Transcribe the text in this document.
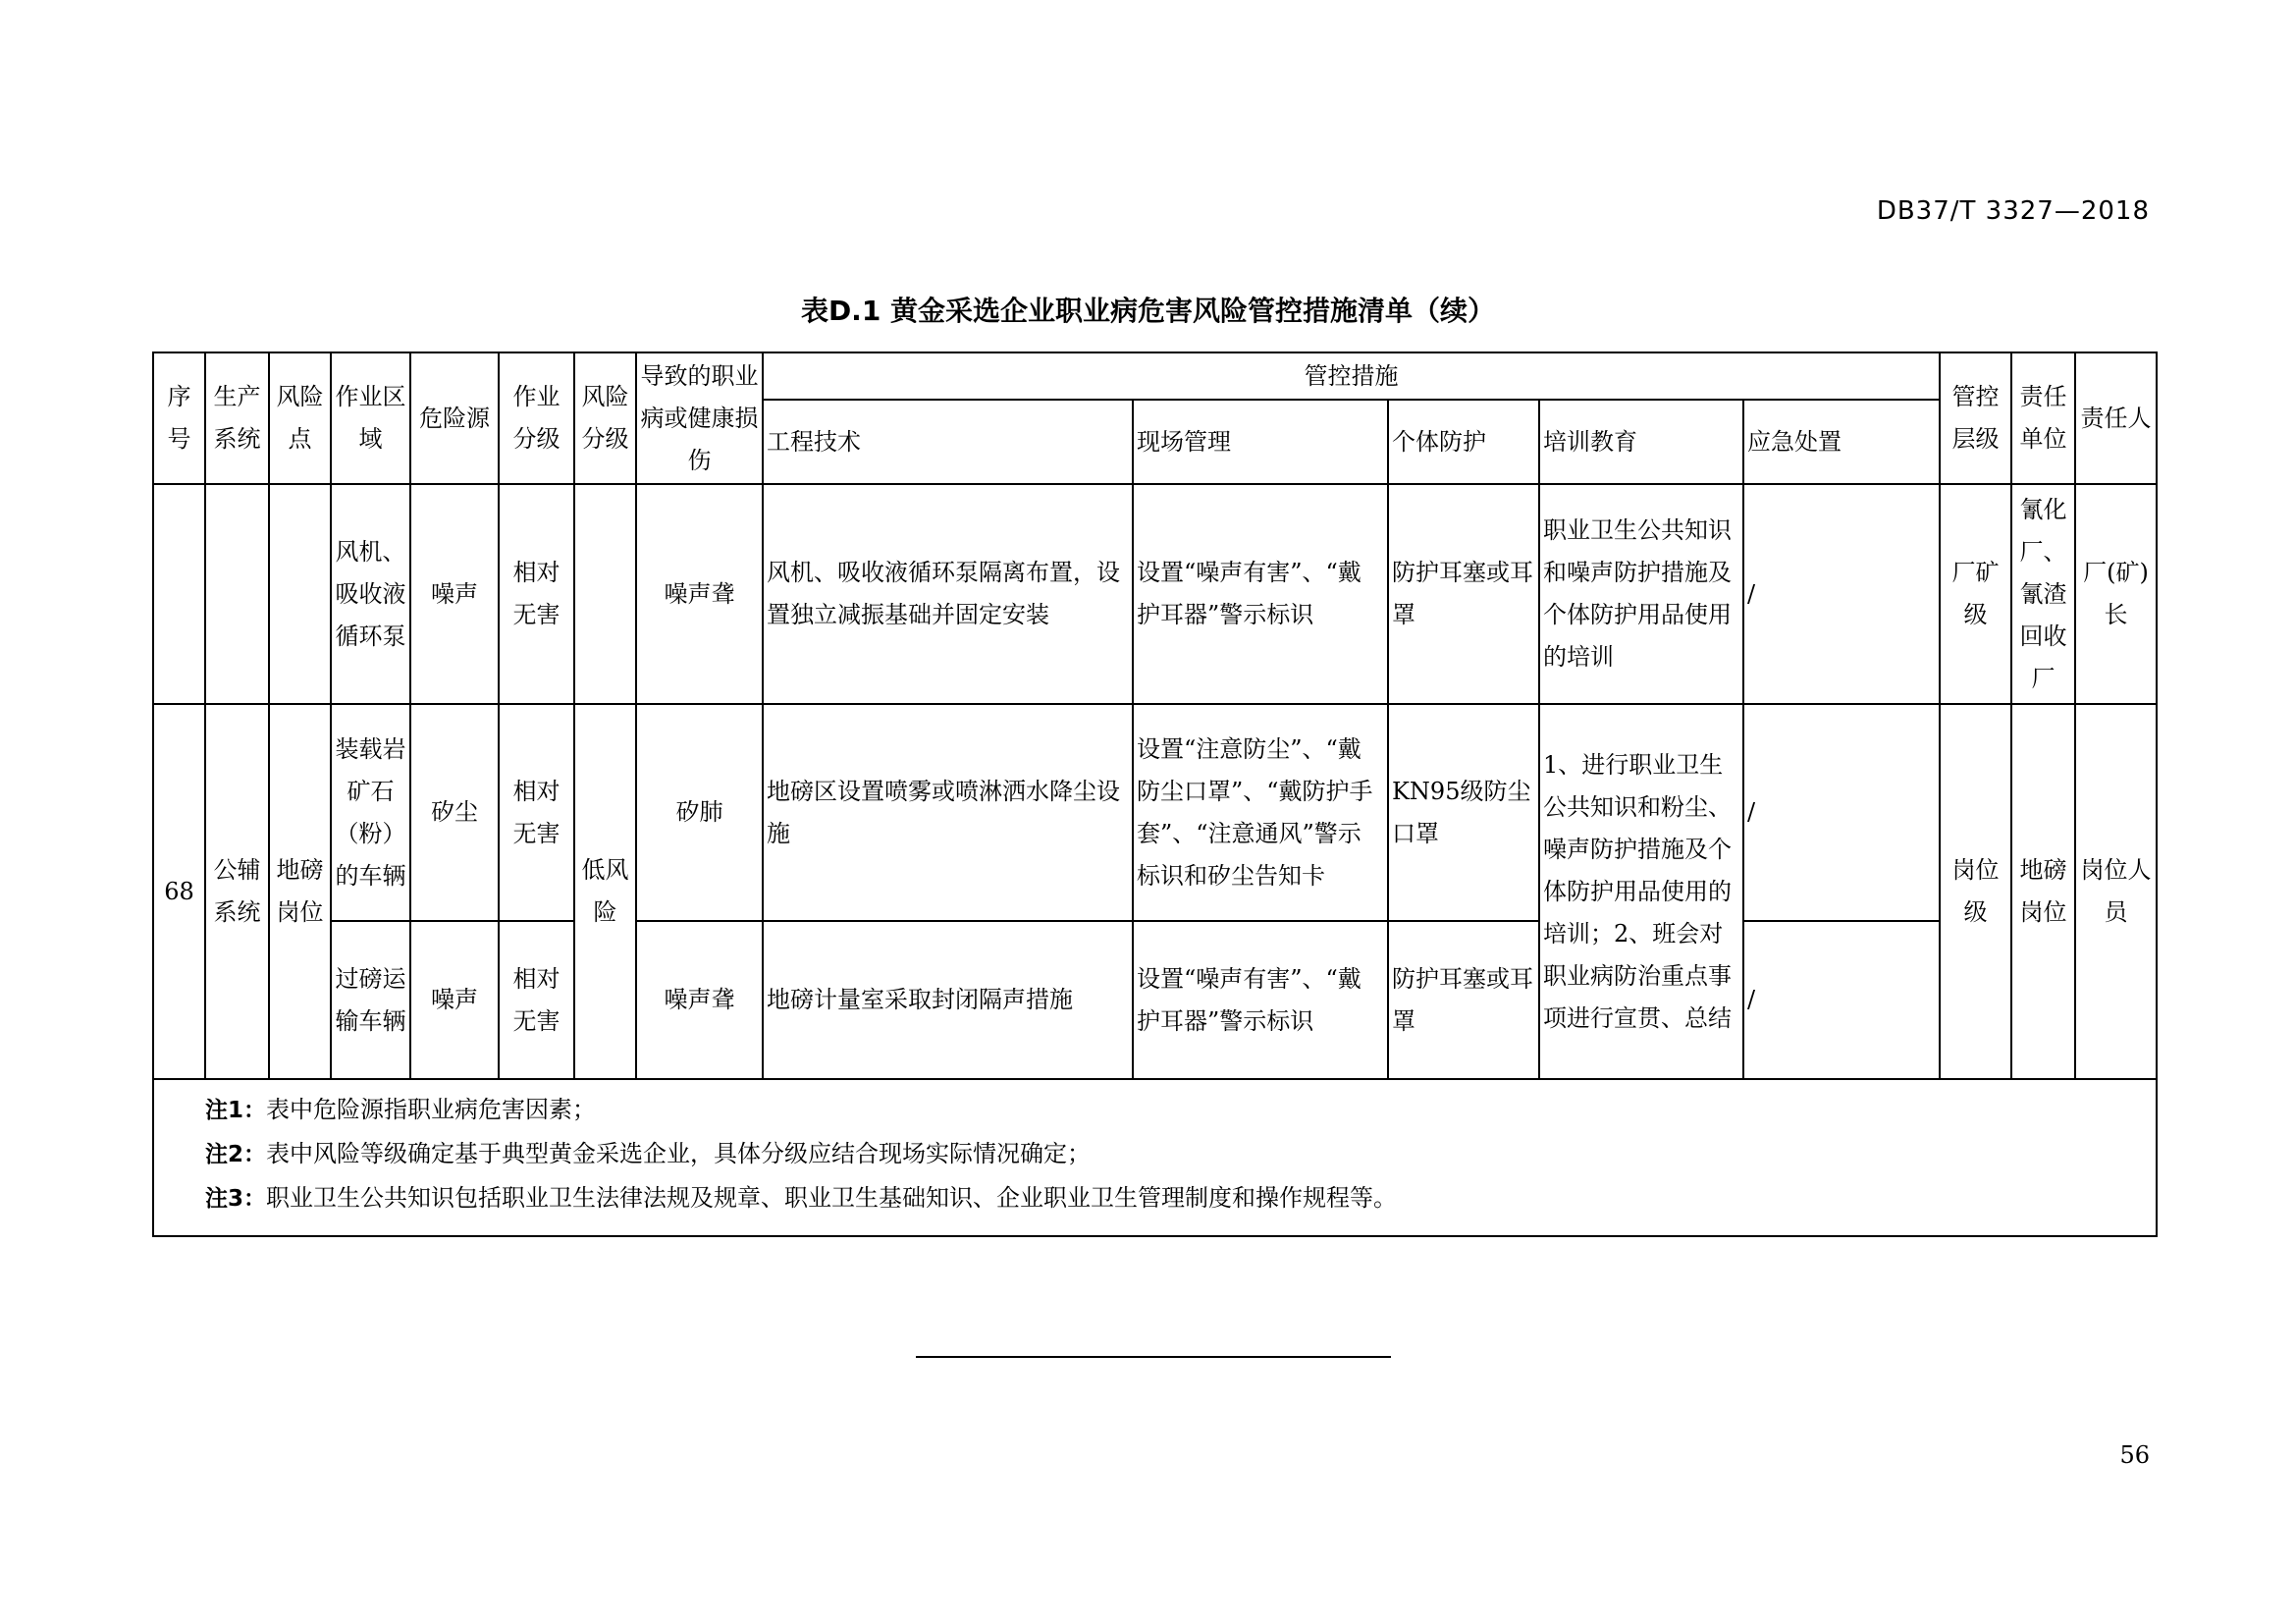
DB37/T 3327—2018
表D.1 黄金采选企业职业病危害风险管控措施清单（续）
序号	生产系统	风险点	作业区域	危险源	作业分级	风险分级	导致的职业病或健康损伤	管控措施					管控层级	责任单位	责任人
								工程技术	现场管理	个体防护	培训教育	应急处置			
			风机、吸收液循环泵	噪声	相对无害		噪声聋	风机、吸收液循环泵隔离布置，设置独立减振基础并固定安装	设置“噪声有害”、“戴护耳器”警示标识	防护耳塞或耳罩	职业卫生公共知识和噪声防护措施及个体防护用品使用的培训	/	厂矿级	氰化厂、氰渣回收厂	厂(矿)长
68	公辅系统	地磅岗位	装载岩矿石（粉）的车辆	矽尘	相对无害	低风险	矽肺	地磅区设置喷雾或喷淋洒水降尘设施	设置“注意防尘”、“戴防尘口罩”、“戴防护手套”、“注意通风”警示标识和矽尘告知卡	KN95级防尘口罩	1、进行职业卫生公共知识和粉尘、噪声防护措施及个体防护用品使用的培训；2、班会对职业病防治重点事项进行宣贯、总结	/	岗位级	地磅岗位	岗位人员
			过磅运输车辆	噪声	相对无害		噪声聋	地磅计量室采取封闭隔声措施	设置“噪声有害”、“戴护耳器”警示标识	防护耳塞或耳罩		/			

注1：表中危险源指职业病危害因素；
注2：表中风险等级确定基于典型黄金采选企业，具体分级应结合现场实际情况确定；
注3：职业卫生公共知识包括职业卫生法律法规及规章、职业卫生基础知识、企业职业卫生管理制度和操作规程等。															
56
